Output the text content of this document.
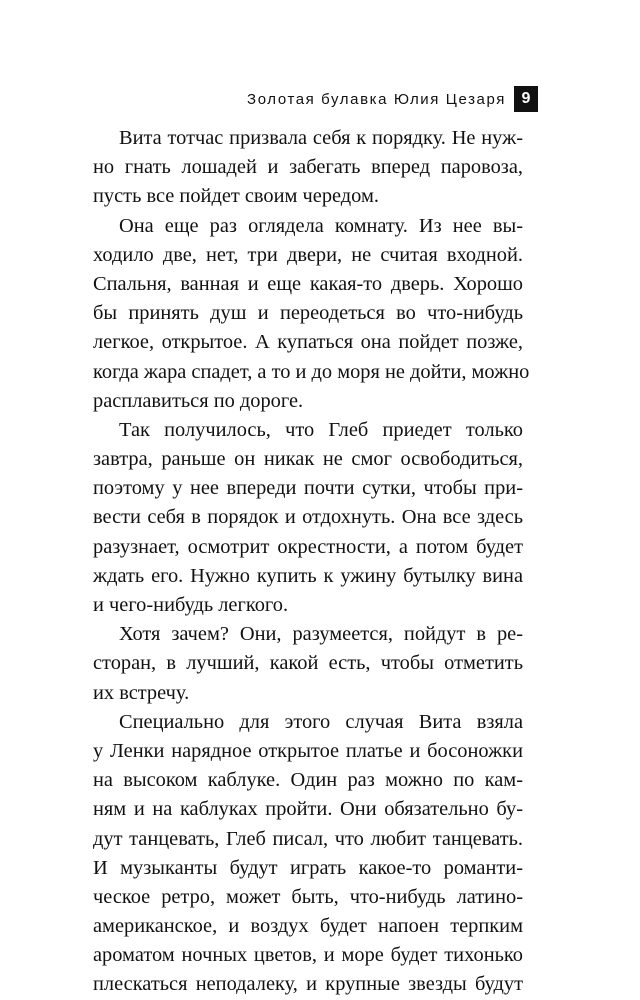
Золотая булавка Юлия Цезаря 9
Вита тотчас призвала себя к порядку. Не нуж-
но гнать лошадей и забегать вперед паровоза,
пусть все пойдет своим чередом.
Она еще раз оглядела комнату. Из нее вы-
ходило две, нет, три двери, не считая входной.
Спальня, ванная и еще какая-то дверь. Хорошо
бы принять душ и переодеться во что-нибудь
легкое, открытое. А купаться она пойдет позже,
когда жара спадет, а то и до моря не дойти, можно
расплавиться по дороге.
Так получилось, что Глеб приедет только
завтра, раньше он никак не смог освободиться,
поэтому у нее впереди почти сутки, чтобы при-
вести себя в порядок и отдохнуть. Она все здесь
разузнает, осмотрит окрестности, а потом будет
ждать его. Нужно купить к ужину бутылку вина
и чего-нибудь легкого.
Хотя зачем? Они, разумеется, пойдут в ре-
сторан, в лучший, какой есть, чтобы отметить
их встречу.
Специально для этого случая Вита взяла
у Ленки нарядное открытое платье и босоножки
на высоком каблуке. Один раз можно по кам-
ням и на каблуках пройти. Они обязательно бу-
дут танцевать, Глеб писал, что любит танцевать.
И музыканты будут играть какое-то романти-
ческое ретро, может быть, что-нибудь латино-
американское, и воздух будет напоен терпким
ароматом ночных цветов, и море будет тихонько
плескаться неподалеку, и крупные звезды будут
